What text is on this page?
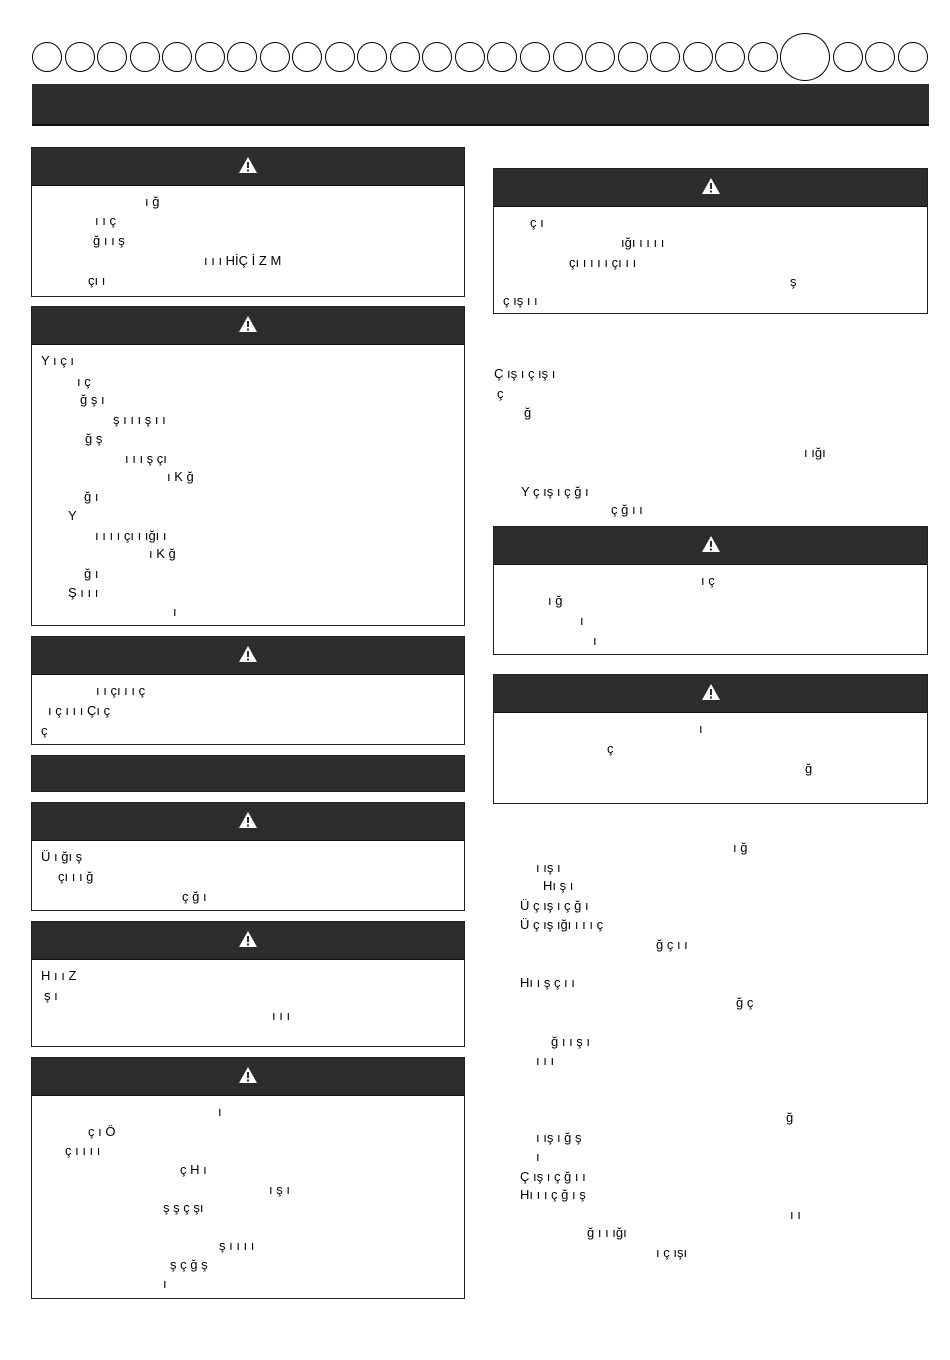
ı ğ
ı ı ç
ğ ı ı ş
ı ı ı HİÇ İ Z M
çı ı
Y ı ç ı
ı ç
ğ ş ı
ş ı ı ı ş ı ı
ğ ş
ı ı ı ş çı
ı K ğ
ğ ı
Y
ı ı ı ı çı ı ığı ı
ı K ğ
ğ ı
Ş ı ı ı
ı
ı ı çı ı ı ç
ı ç ı ı ı Çı ç
ç
Ü ı ğı ş
çı ı ı ğ
ç ğ ı
H ı ı Z
ş ı
ı ı ı
ı
ç ı Ö
ç ı ı ı ı
ç H ı
ı ş ı
ş ş ç şı
ş ı ı ı ı
ş ç ğ ş
ı
ç ı
ığı ı ı ı ı
çı ı ı ı ı çı ı ı
ş
ç ış ı ı
Ç ış ı ç ış ı
ç
ğ
ı ığı
Y ç ış ı ç ğ ı
ç ğ ı ı
ı ç
ı ğ
ı
ı
ı
ç
ğ
ı ğ
ı ış ı
Hı ş ı
Ü ç ış ı ç ğ ı
Ü ç ış ığı ı ı ı ç
ğ ç ı ı
Hı ı ş ç ı ı
ğ ç
ğ ı ı ş ı
ı ı ı
ğ
ı ış ı ğ ş
ı
Ç ış ı ç ğ ı ı
Hı ı ı ç ğ ı ş
ı ı
ğ ı ı ığı
ı ç ışı
